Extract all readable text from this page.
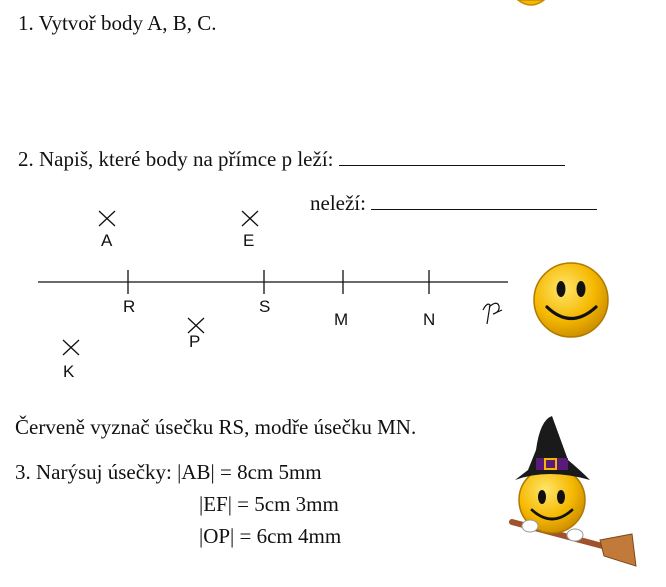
1. Vytvoř body A, B, C.
2. Napiš, které body na přímce p leží:
neleží:
A	E
P
K
R	S
M	N
Červeně vyznač úsečku RS, modře úsečku MN.
3. Narýsuj úsečky: |AB| = 8cm 5mm
|EF| = 5cm 3mm
|OP| = 6cm 4mm
